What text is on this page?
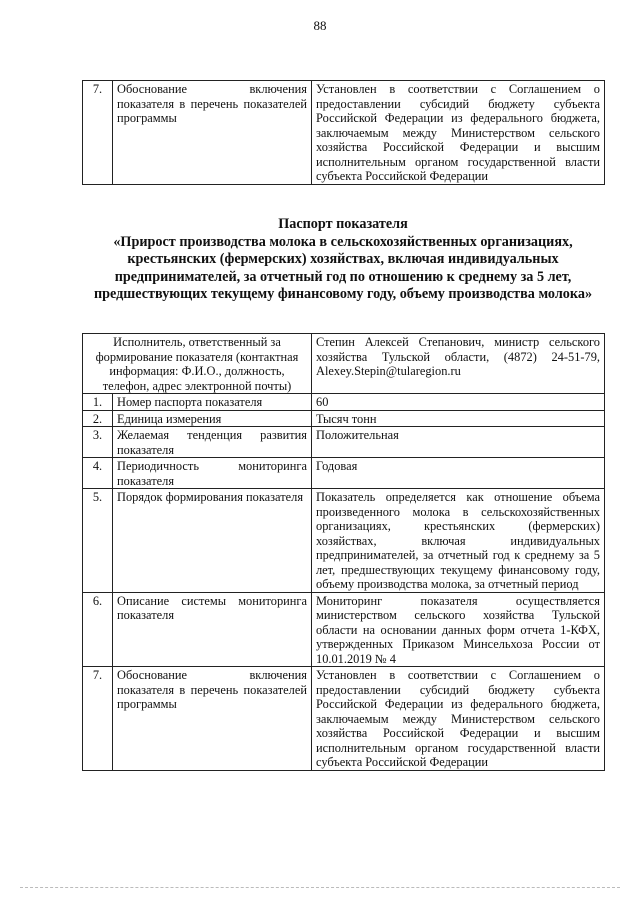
88
7.	Обоснование включения показателя в перечень показателей программы	Установлен в соответствии с Соглашением о предоставлении субсидий бюджету субъекта Российской Федерации из федерального бюджета, заключаемым между Министерством сельского хозяйства Российской Федерации и высшим исполнительным органом государственной власти субъекта Российской Федерации
Паспорт показателя
«Прирост производства молока в сельскохозяйственных организациях, крестьянских (фермерских) хозяйствах, включая индивидуальных предпринимателей, за отчетный год по отношению к среднему за 5 лет, предшествующих текущему финансовому году, объему производства молока»
Исполнитель, ответственный за формирование показателя (контактная информация: Ф.И.О., должность, телефон, адрес электронной почты)		Степин Алексей Степанович, министр сельского хозяйства Тульской области, (4872) 24-51-79, Alexey.Stepin@tularegion.ru
1.	Номер паспорта показателя	60
2.	Единица измерения	Тысяч тонн
3.	Желаемая тенденция развития показателя	Положительная
4.	Периодичность мониторинга показателя	Годовая
5.	Порядок формирования показателя	Показатель определяется как отношение объема произведенного молока в сельскохозяйственных организациях, крестьянских (фермерских) хозяйствах, включая индивидуальных предпринимателей, за отчетный год к среднему за 5 лет, предшествующих текущему финансовому году, объему производства молока, за отчетный период
6.	Описание системы мониторинга показателя	Мониторинг показателя осуществляется министерством сельского хозяйства Тульской области на основании данных форм отчета 1-КФХ, утвержденных Приказом Минсельхоза России от 10.01.2019 № 4
7.	Обоснование включения показателя в перечень показателей программы	Установлен в соответствии с Соглашением о предоставлении субсидий бюджету субъекта Российской Федерации из федерального бюджета, заключаемым между Министерством сельского хозяйства Российской Федерации и высшим исполнительным органом государственной власти субъекта Российской Федерации
